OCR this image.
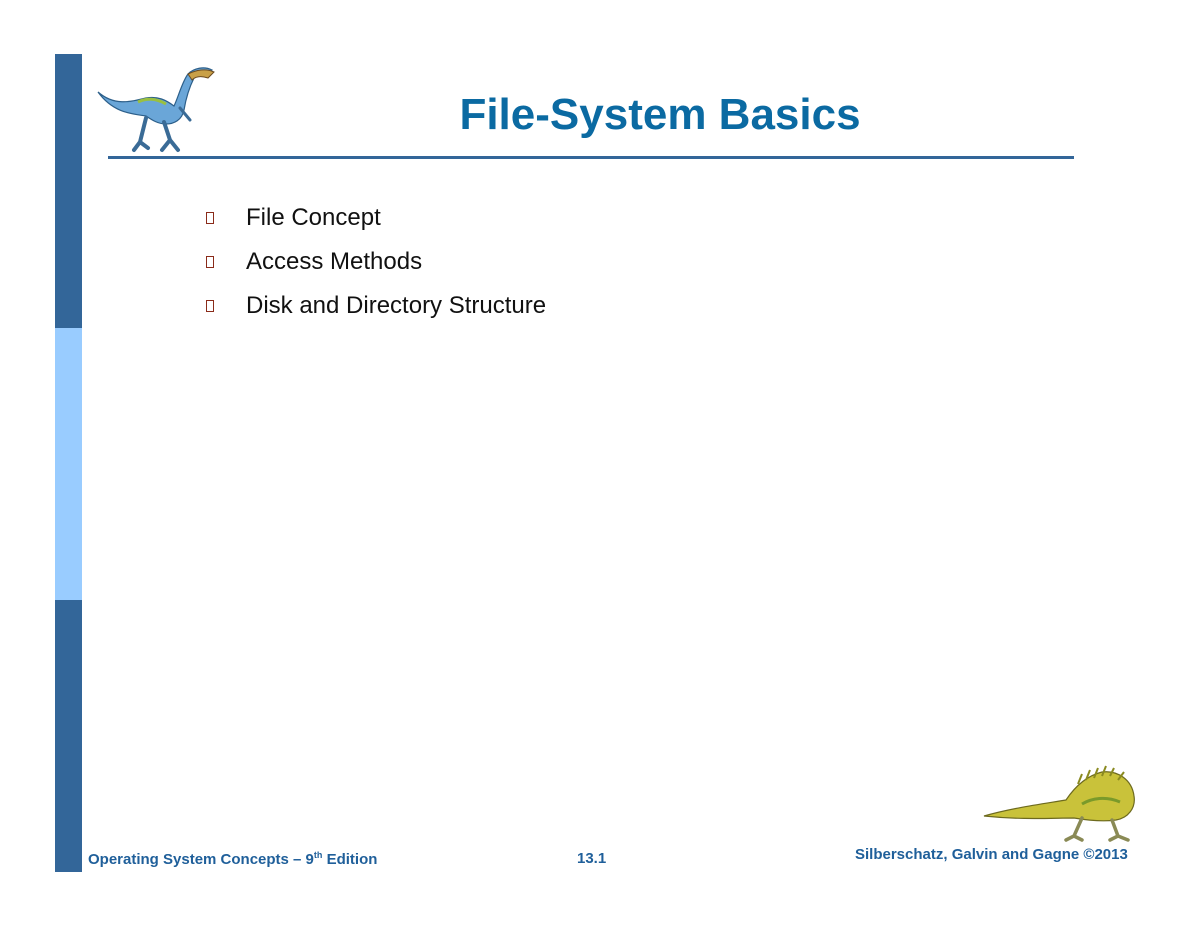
File-System Basics
File Concept
Access Methods
Disk and Directory Structure
Operating System Concepts – 9th Edition	13.1	Silberschatz, Galvin and Gagne ©2013
